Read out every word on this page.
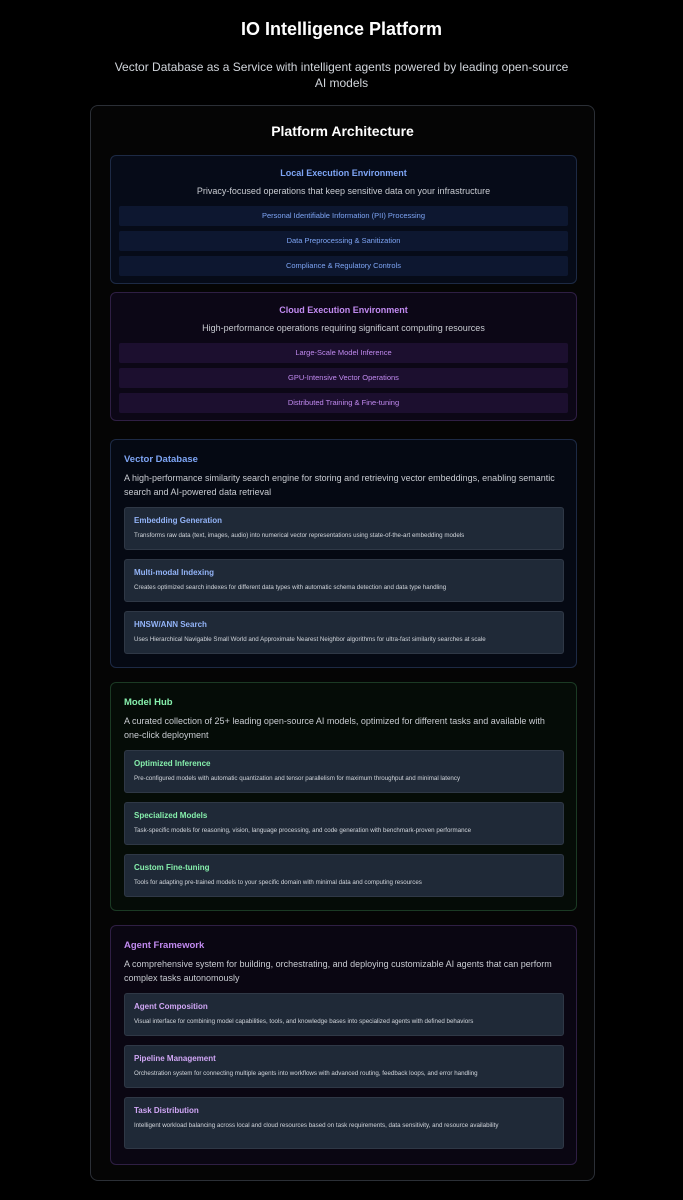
IO Intelligence Platform
Vector Database as a Service with intelligent agents powered by leading open-source AI models
Platform Architecture
Local Execution Environment
Privacy-focused operations that keep sensitive data on your infrastructure
Personal Identifiable Information (PII) Processing
Data Preprocessing & Sanitization
Compliance & Regulatory Controls
Cloud Execution Environment
High-performance operations requiring significant computing resources
Large-Scale Model Inference
GPU-Intensive Vector Operations
Distributed Training & Fine-tuning
Vector Database
A high-performance similarity search engine for storing and retrieving vector embeddings, enabling semantic search and AI-powered data retrieval
Embedding Generation
Transforms raw data (text, images, audio) into numerical vector representations using state-of-the-art embedding models
Multi-modal Indexing
Creates optimized search indexes for different data types with automatic schema detection and data type handling
HNSW/ANN Search
Uses Hierarchical Navigable Small World and Approximate Nearest Neighbor algorithms for ultra-fast similarity searches at scale
Model Hub
A curated collection of 25+ leading open-source AI models, optimized for different tasks and available with one-click deployment
Optimized Inference
Pre-configured models with automatic quantization and tensor parallelism for maximum throughput and minimal latency
Specialized Models
Task-specific models for reasoning, vision, language processing, and code generation with benchmark-proven performance
Custom Fine-tuning
Tools for adapting pre-trained models to your specific domain with minimal data and computing resources
Agent Framework
A comprehensive system for building, orchestrating, and deploying customizable AI agents that can perform complex tasks autonomously
Agent Composition
Visual interface for combining model capabilities, tools, and knowledge bases into specialized agents with defined behaviors
Pipeline Management
Orchestration system for connecting multiple agents into workflows with advanced routing, feedback loops, and error handling
Task Distribution
Intelligent workload balancing across local and cloud resources based on task requirements, data sensitivity, and resource availability
